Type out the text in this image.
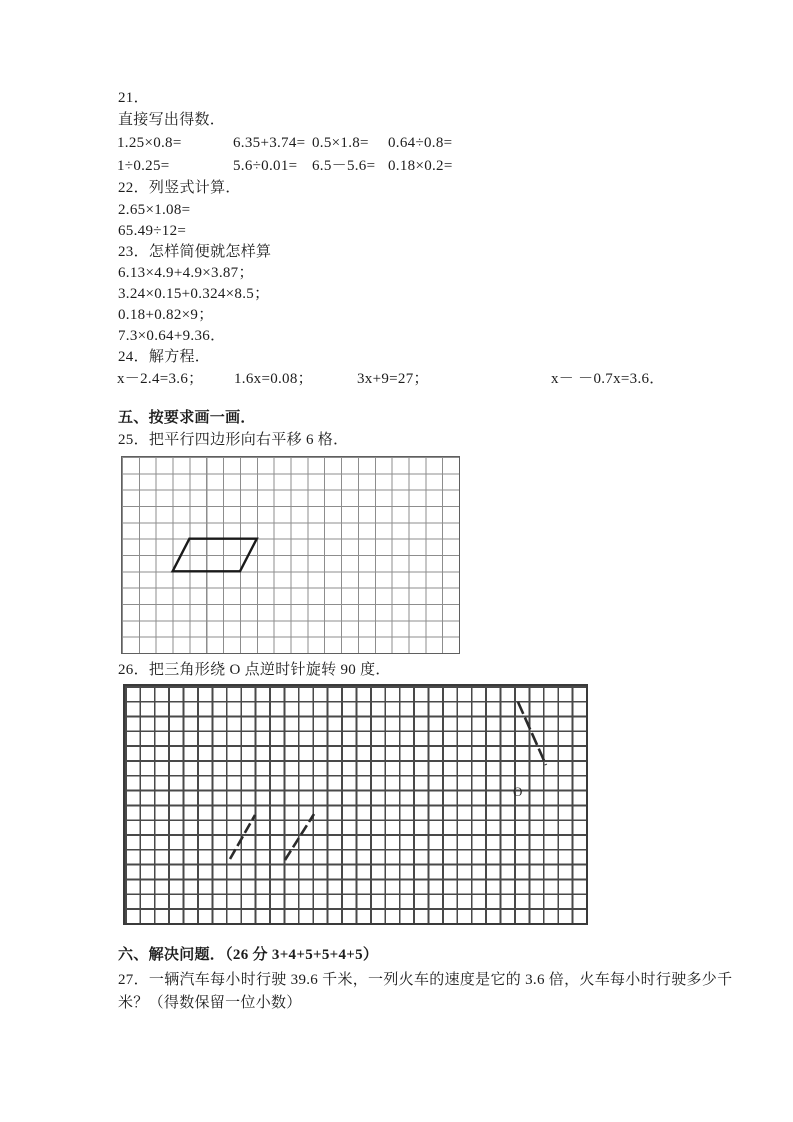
21．
直接写出得数．
1.25×0.8=	6.35+3.74= 0.5×1.8= 0.64÷0.8=
1÷0.25=	5.6÷0.01= 6.5－5.6= 0.18×0.2=
22．列竖式计算．
2.65×1.08=
65.49÷12=
23．怎样简便就怎样算
6.13×4.9+4.9×3.87；
3.24×0.15+0.324×8.5；
0.18+0.82×9；
7.3×0.64+9.36．
24．解方程．
x－2.4=3.6； 1.6x=0.08；	3x+9=27；	x－ －0.7x=3.6．
五、按要求画一画．
25．把平行四边形向右平移 6 格．
26．把三角形绕 O 点逆时针旋转 90 度．
O
六、解决问题．（26 分 3+4+5+5+4+5）
27．一辆汽车每小时行驶 39.6 千米，一列火车的速度是它的 3.6 倍，火车每小时行驶多少千
米？（得数保留一位小数）
